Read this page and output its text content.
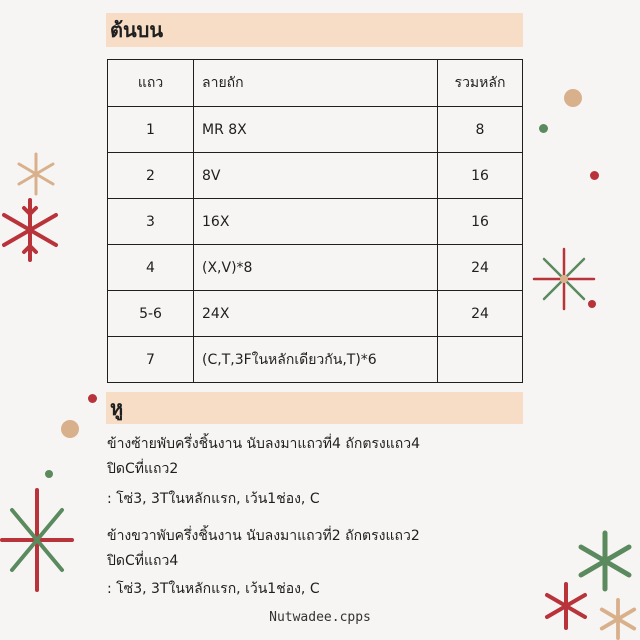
ต้นบน
แถว	ลายถัก	รวมหลัก
1	MR 8X	8
2	8V	16
3	16X	16
4	(X,V)*8	24
5-6	24X	24
7	(C,T,3Fในหลักเดียวกัน,T)*6	
หู
ข้างซ้ายพับครึ่งชิ้นงาน นับลงมาแถวที่4 ถักตรงแถว4
ปิดCที่แถว2
: โซ่3, 3Tในหลักแรก, เว้น1ช่อง, C
ข้างขวาพับครึ่งชิ้นงาน นับลงมาแถวที่2 ถักตรงแถว2
ปิดCที่แถว4
: โซ่3, 3Tในหลักแรก, เว้น1ช่อง, C
Nutwadee.cpps
